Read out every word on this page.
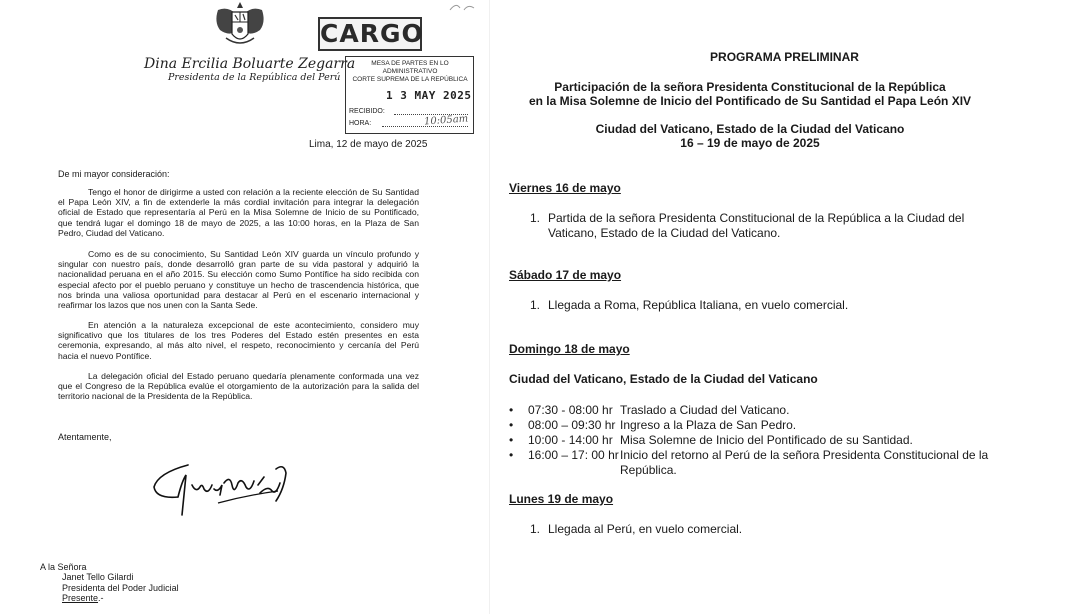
Dina Ercilia Boluarte Zegarra
Presidenta de la República del Perú
CARGO
MESA DE PARTES EN LO ADMINISTRATIVO
CORTE SUPREMA DE LA REPÚBLICA
1 3 MAY 2025
RECIBIDO:
HORA:	10:05am
Lima, 12 de mayo de 2025
De mi mayor consideración:

Tengo el honor de dirigirme a usted con relación a la reciente elección de Su Santidad el Papa León XIV, a fin de extenderle la más cordial invitación para integrar la delegación oficial de Estado que representaría al Perú en la Misa Solemne de Inicio de su Pontificado, que tendrá lugar el domingo 18 de mayo de 2025, a las 10:00 horas, en la Plaza de San Pedro, Ciudad del Vaticano.

Como es de su conocimiento, Su Santidad León XIV guarda un vínculo profundo y singular con nuestro país, donde desarrolló gran parte de su vida pastoral y adquirió la nacionalidad peruana en el año 2015. Su elección como Sumo Pontífice ha sido recibida con especial afecto por el pueblo peruano y constituye un hecho de trascendencia histórica, que nos brinda una valiosa oportunidad para destacar al Perú en el escenario internacional y reafirmar los lazos que nos unen con la Santa Sede.

En atención a la naturaleza excepcional de este acontecimiento, considero muy significativo que los titulares de los tres Poderes del Estado estén presentes en esta ceremonia, expresando, al más alto nivel, el respeto, reconocimiento y cercanía del Perú hacia el nuevo Pontífice.

La delegación oficial del Estado peruano quedaría plenamente conformada una vez que el Congreso de la República evalúe el otorgamiento de la autorización para la salida del territorio nacional de la Presidenta de la República.

Atentamente,
A la Señora
Janet Tello Gilardi
Presidenta del Poder Judicial
Presente.-
PROGRAMA PRELIMINAR
Participación de la señora Presidenta Constitucional de la República
en la Misa Solemne de Inicio del Pontificado de Su Santidad el Papa León XIV
Ciudad del Vaticano, Estado de la Ciudad del Vaticano
16 – 19 de mayo de 2025
Viernes 16 de mayo
1. Partida de la señora Presidenta Constitucional de la República a la Ciudad del Vaticano, Estado de la Ciudad del Vaticano.
Sábado 17 de mayo
1. Llegada a Roma, República Italiana, en vuelo comercial.
Domingo 18 de mayo
Ciudad del Vaticano, Estado de la Ciudad del Vaticano
• 07:30 - 08:00 hr Traslado a Ciudad del Vaticano.
• 08:00 – 09:30 hr Ingreso a la Plaza de San Pedro.
• 10:00 - 14:00 hr Misa Solemne de Inicio del Pontificado de su Santidad.
• 16:00 – 17: 00 hr Inicio del retorno al Perú de la señora Presidenta Constitucional de la República.
Lunes 19 de mayo
1. Llegada al Perú, en vuelo comercial.
